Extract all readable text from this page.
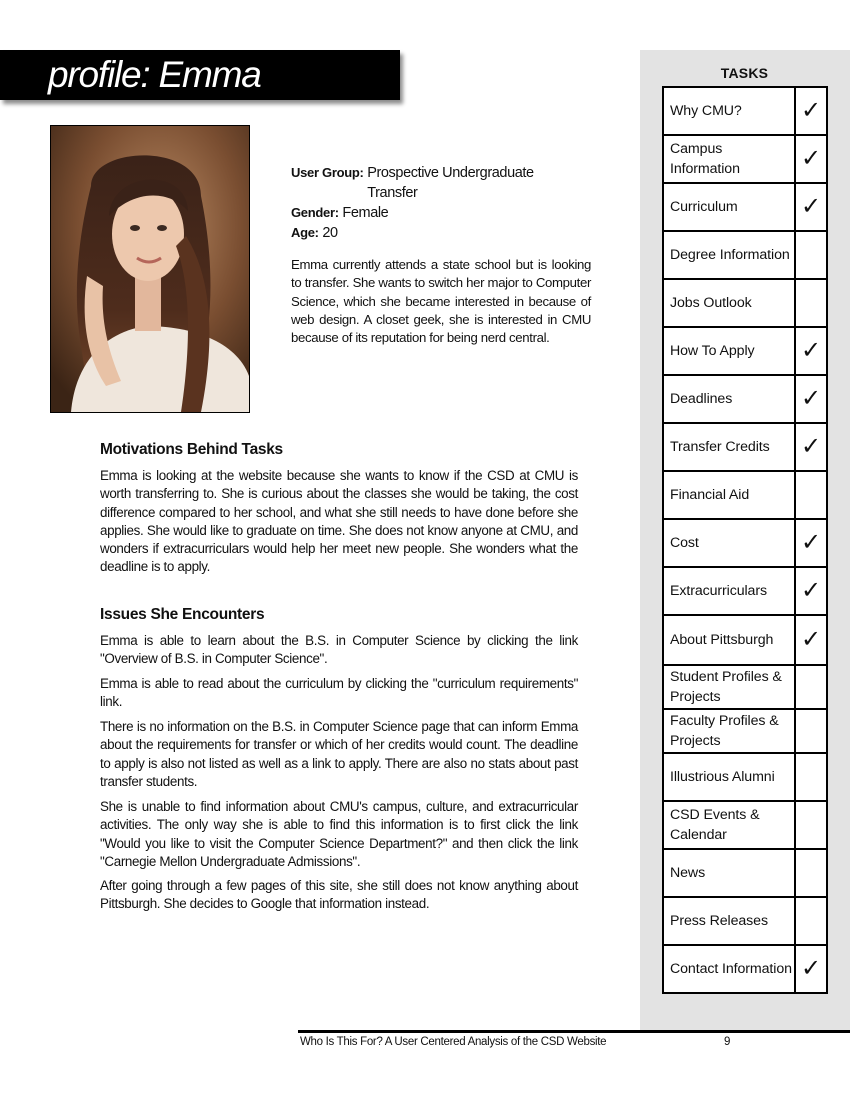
profile: Emma
User Group: Prospective Undergraduate Transfer
Gender: Female
Age: 20
Emma currently attends a state school but is looking to transfer. She wants to switch her major to Computer Science, which she became interested in because of web design. A closet geek, she is interested in CMU because of its reputation for being nerd central.
Motivations Behind Tasks

Emma is looking at the website because she wants to know if the CSD at CMU is worth transferring to. She is curious about the classes she would be taking, the cost difference compared to her school, and what she still needs to have done before she applies. She would like to graduate on time. She does not know anyone at CMU, and wonders if extracurriculars would help her meet new people. She wonders what the deadline is to apply.

Issues She Encounters

Emma is able to learn about the B.S. in Computer Science by clicking the link "Overview of B.S. in Computer Science".

Emma is able to read about the curriculum by clicking the "curriculum requirements" link.

There is no information on the B.S. in Computer Science page that can inform Emma about the requirements for transfer or which of her credits would count. The deadline to apply is also not listed as well as a link to apply. There are also no stats about past transfer students.

She is unable to find information about CMU's campus, culture, and extracurricular activities. The only way she is able to find this information is to first click the link "Would you like to visit the Computer Science Department?" and then click the link "Carnegie Mellon Undergraduate Admissions".

After going through a few pages of this site, she still does not know anything about Pittsburgh. She decides to Google that information instead.

TASKS
Why CMU?	✓
Campus Information	✓
Curriculum	✓
Degree Information	
Jobs Outlook	
How To Apply	✓
Deadlines	✓
Transfer Credits	✓
Financial Aid	
Cost	✓
Extracurriculars	✓
About Pittsburgh	✓
Student Profiles & Projects	
Faculty Profiles & Projects	
Illustrious Alumni	
CSD Events & Calendar	
News	
Press Releases	
Contact Information	✓
Who Is This For? A User Centered Analysis of the CSD Website	9
